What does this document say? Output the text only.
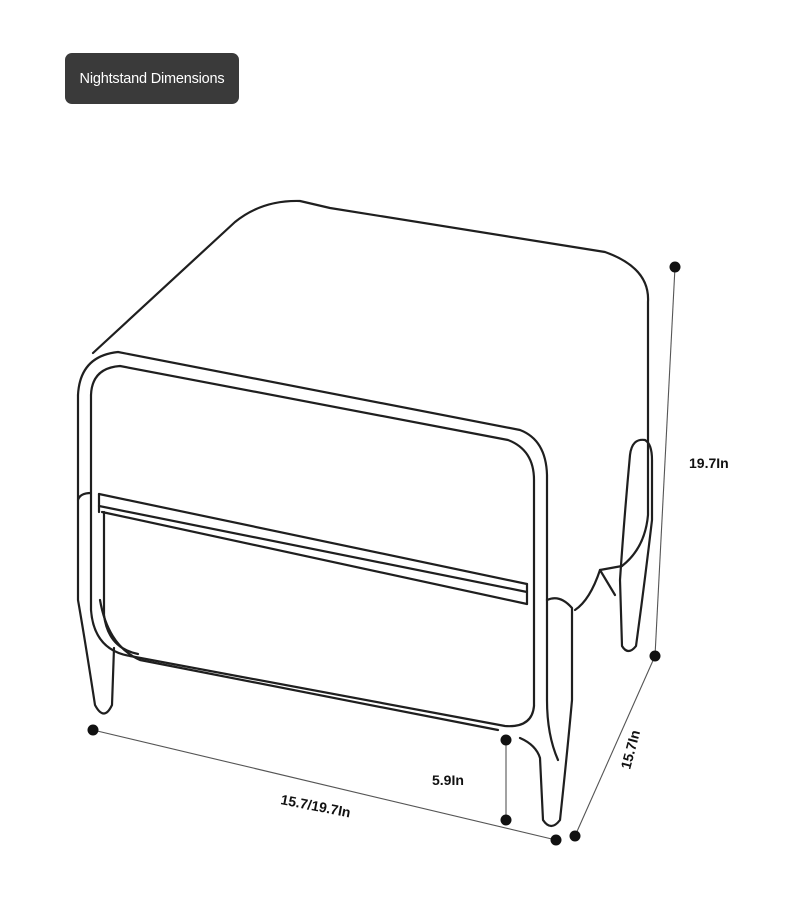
Nightstand Dimensions
19.7In
15.7In
15.7/19.7In
5.9In
